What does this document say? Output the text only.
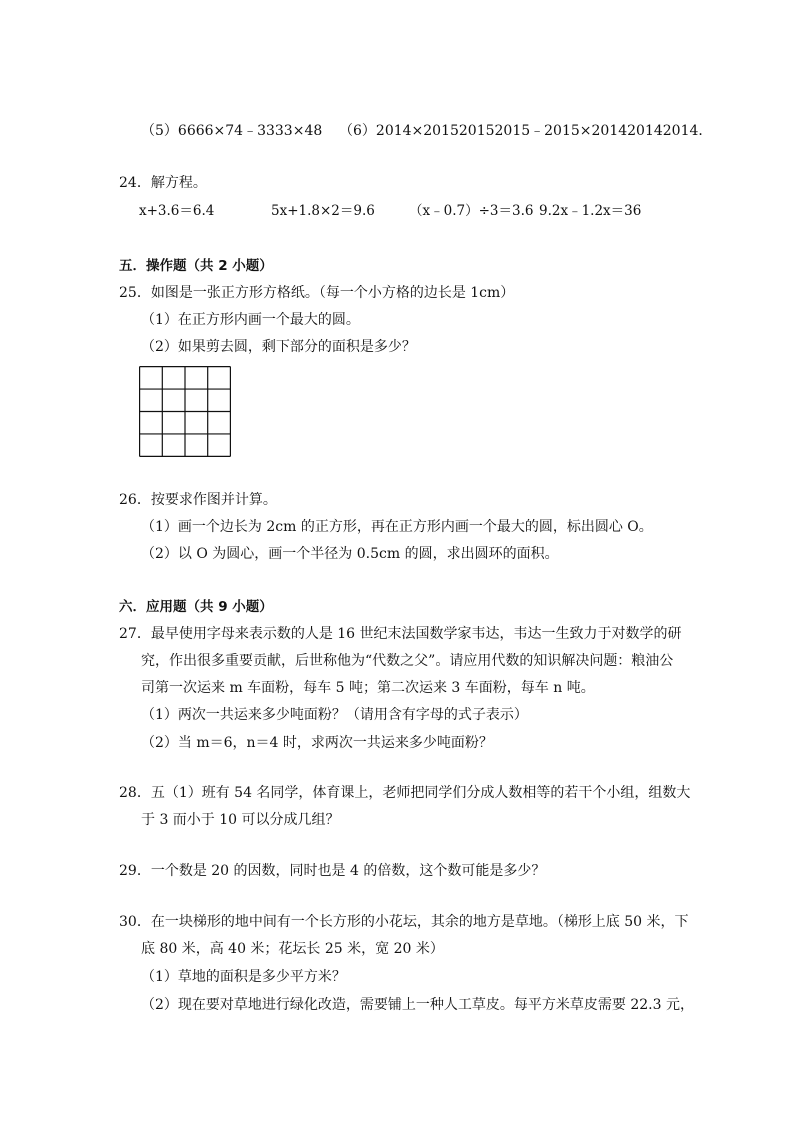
（5）6666×74﹣3333×48 （6）2014×201520152015﹣2015×201420142014．
24．解方程。
x+3.6＝6.4	5x+1.8×2＝9.6	（x﹣0.7）÷3＝3.6 9.2x﹣1.2x＝36
五．操作题（共 2 小题）
25．如图是一张正方形方格纸。（每一个小方格的边长是 1cm）
（1）在正方形内画一个最大的圆。
（2）如果剪去圆，剩下部分的面积是多少？
26．按要求作图并计算。
（1）画一个边长为 2cm 的正方形，再在正方形内画一个最大的圆，标出圆心 O。
（2）以 O 为圆心，画一个半径为 0.5cm 的圆，求出圆环的面积。
六．应用题（共 9 小题）
27．最早使用字母来表示数的人是 16 世纪末法国数学家韦达，韦达一生致力于对数学的研
究，作出很多重要贡献，后世称他为“代数之父”。请应用代数的知识解决问题：粮油公
司第一次运来 m 车面粉，每车 5 吨；第二次运来 3 车面粉，每车 n 吨。
（1）两次一共运来多少吨面粉？（请用含有字母的式子表示）
（2）当 m＝6，n＝4 时，求两次一共运来多少吨面粉？
28．五（1）班有 54 名同学，体育课上，老师把同学们分成人数相等的若干个小组，组数大
于 3 而小于 10 可以分成几组？
29．一个数是 20 的因数，同时也是 4 的倍数，这个数可能是多少？
30．在一块梯形的地中间有一个长方形的小花坛，其余的地方是草地。（梯形上底 50 米，下
底 80 米，高 40 米；花坛长 25 米，宽 20 米）
（1）草地的面积是多少平方米？
（2）现在要对草地进行绿化改造，需要铺上一种人工草皮。每平方米草皮需要 22.3 元，
